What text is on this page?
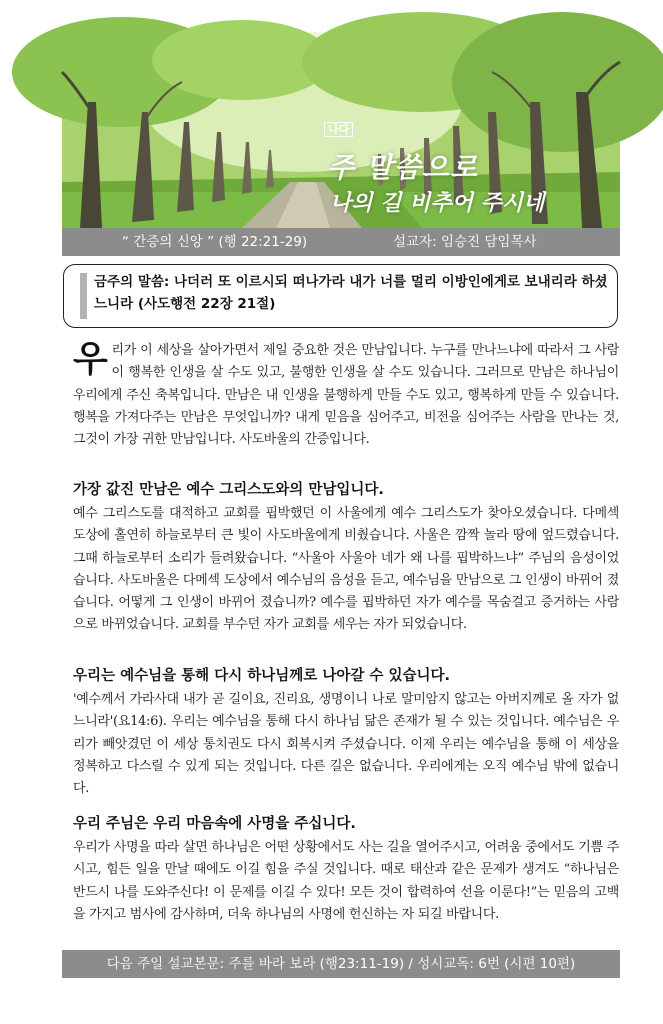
나다
주 말씀으로
나의 길 비추어 주시네
“ 간증의 신앙 ” (행 22:21-29)	설교자: 임승진 담임목사
금주의 말씀: 나더러 또 이르시되 떠나가라 내가 너를 멀리 이방인에게로 보내리라 하셨느니라 (사도행전 22장 21절)
우리가 이 세상을 살아가면서 제일 중요한 것은 만남입니다. 누구를 만나느냐에 따라서 그 사람이 행복한 인생을 살 수도 있고, 불행한 인생을 살 수도 있습니다. 그러므로 만남은 하나님이 우리에게 주신 축복입니다. 만남은 내 인생을 불행하게 만들 수도 있고, 행복하게 만들 수 있습니다. 행복을 가져다주는 만남은 무엇입니까? 내게 믿음을 심어주고, 비전을 심어주는 사람을 만나는 것, 그것이 가장 귀한 만남입니다. 사도바울의 간증입니다.
가장 값진 만남은 예수 그리스도와의 만남입니다.
예수 그리스도를 대적하고 교회를 핍박했던 이 사울에게 예수 그리스도가 찾아오셨습니다. 다메섹 도상에 홀연히 하늘로부터 큰 빛이 사도바울에게 비췄습니다. 사울은 깜짝 놀라 땅에 엎드렸습니다. 그때 하늘로부터 소리가 들려왔습니다. “사울아 사울아 네가 왜 나를 핍박하느냐” 주님의 음성이었습니다. 사도바울은 다메섹 도상에서 예수님의 음성을 듣고, 예수님을 만남으로 그 인생이 바뀌어 졌습니다. 어떻게 그 인생이 바뀌어 졌습니까? 예수를 핍박하던 자가 예수를 목숨걸고 증거하는 사람으로 바뀌었습니다. 교회를 부수던 자가 교회를 세우는 자가 되었습니다.
우리는 예수님을 통해 다시 하나님께로 나아갈 수 있습니다.
'예수께서 가라사대 내가 곧 길이요, 진리요, 생명이니 나로 말미암지 않고는 아버지께로 올 자가 없느니라'(요14:6). 우리는 예수님을 통해 다시 하나님 닮은 존재가 될 수 있는 것입니다. 예수님은 우리가 빼앗겼던 이 세상 통치권도 다시 회복시켜 주셨습니다. 이제 우리는 예수님을 통해 이 세상을 정복하고 다스릴 수 있게 되는 것입니다. 다른 길은 없습니다. 우리에게는 오직 예수님 밖에 없습니다.
우리 주님은 우리 마음속에 사명을 주십니다.
우리가 사명을 따라 살면 하나님은 어떤 상황에서도 사는 길을 열어주시고, 어려움 중에서도 기쁨 주시고, 힘든 일을 만날 때에도 이길 힘을 주실 것입니다. 때로 태산과 같은 문제가 생겨도 “하나님은 반드시 나를 도와주신다! 이 문제를 이길 수 있다! 모든 것이 합력하여 선을 이룬다!”는 믿음의 고백을 가지고 범사에 감사하며, 더욱 하나님의 사명에 헌신하는 자 되길 바랍니다.
다음 주일 설교본문: 주를 바라 보라 (행23:11-19) / 성시교독: 6번 (시편 10편)
